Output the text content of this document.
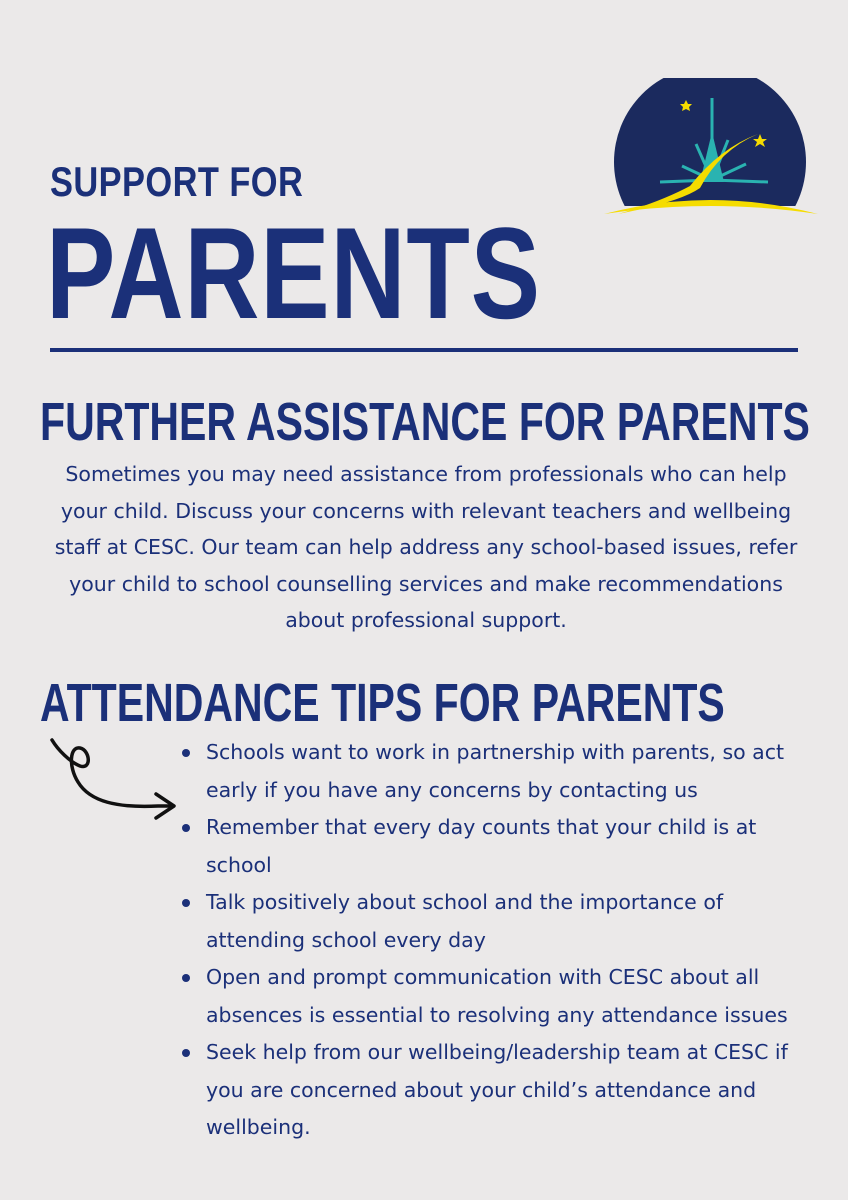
SUPPORT FOR
PARENTS
FURTHER ASSISTANCE FOR PARENTS

Sometimes you may need assistance from professionals who can help your child. Discuss your concerns with relevant teachers and wellbeing staff at CESC. Our team can help address any school-based issues, refer your child to school counselling services and make recommendations about professional support.

ATTENDANCE TIPS FOR PARENTS
Schools want to work in partnership with parents, so act early if you have any concerns by contacting us
Remember that every day counts that your child is at school
Talk positively about school and the importance of attending school every day
Open and prompt communication with CESC about all absences is essential to resolving any attendance issues
Seek help from our wellbeing/leadership team at CESC if you are concerned about your child’s attendance and wellbeing.
